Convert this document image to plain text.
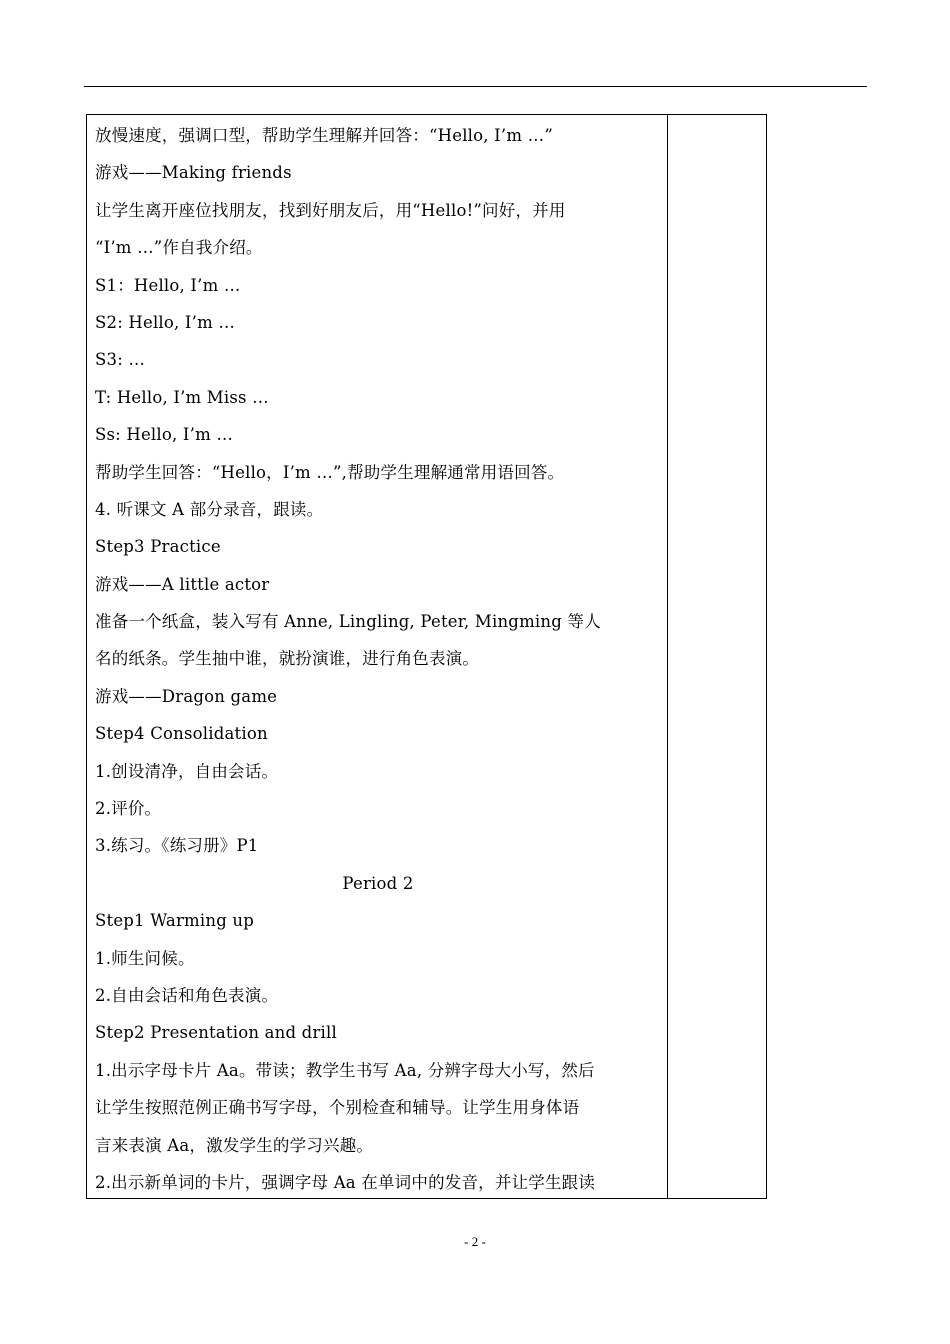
放慢速度，强调口型，帮助学生理解并回答：“Hello, I’m …”
游戏——Making friends
让学生离开座位找朋友，找到好朋友后，用“Hello!”问好，并用
“I’m …”作自我介绍。
S1：Hello, I’m …
S2: Hello, I’m …
S3: …
T: Hello, I’m Miss …
Ss: Hello, I’m …
帮助学生回答：“Hello，I’m …”,帮助学生理解通常用语回答。
4. 听课文 A 部分录音，跟读。
Step3 Practice
游戏——A little actor
准备一个纸盒，装入写有 Anne, Lingling, Peter, Mingming 等人
名的纸条。学生抽中谁，就扮演谁，进行角色表演。
游戏——Dragon game
Step4 Consolidation
1.创设清净，自由会话。
2.评价。
3.练习。《练习册》P1
Period 2
Step1 Warming up
1.师生问候。
2.自由会话和角色表演。
Step2 Presentation and drill
1.出示字母卡片 Aa。带读；教学生书写 Aa, 分辨字母大小写，然后
让学生按照范例正确书写字母，个别检查和辅导。让学生用身体语
言来表演 Aa，激发学生的学习兴趣。
2.出示新单词的卡片，强调字母 Aa 在单词中的发音，并让学生跟读
- 2 -
